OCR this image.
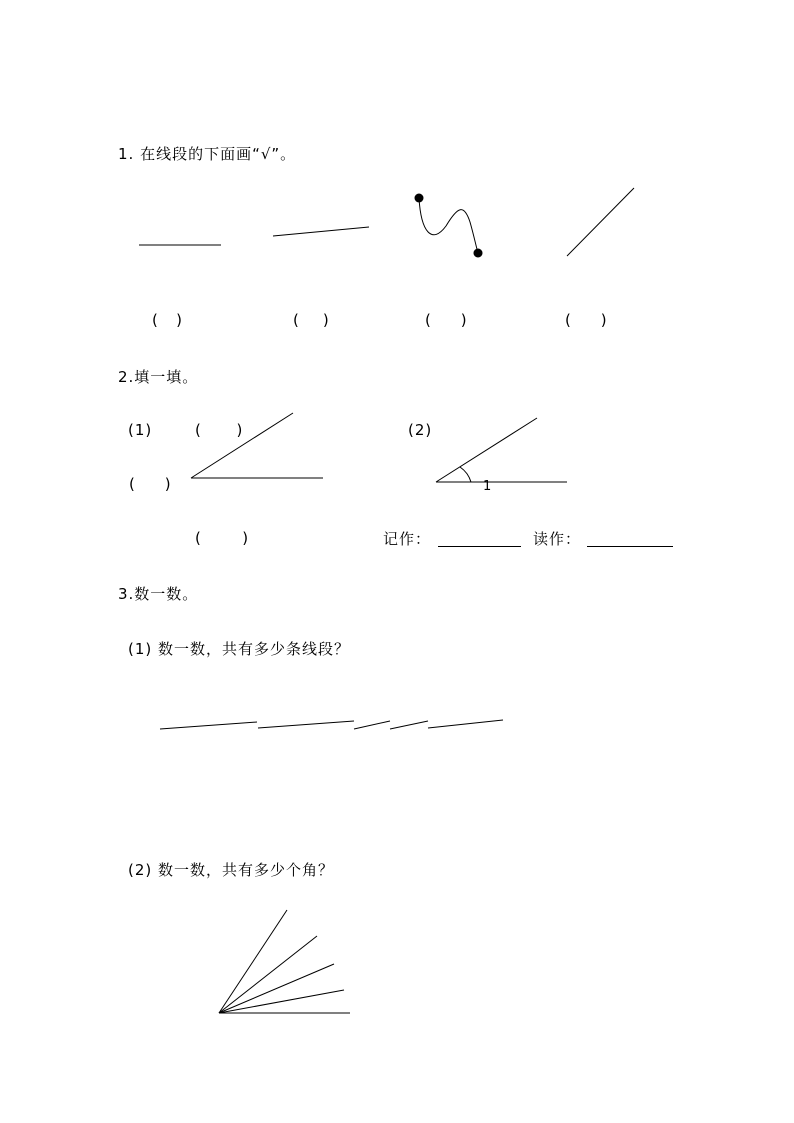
1. 在线段的下面画“√”。
(   )	(    )	(     )	(     )
2.填一填。
(1)	(      )
(     )
(       )
(2)
1
记作：	读作：
3.数一数。
(1) 数一数，共有多少条线段？
(2) 数一数，共有多少个角？
